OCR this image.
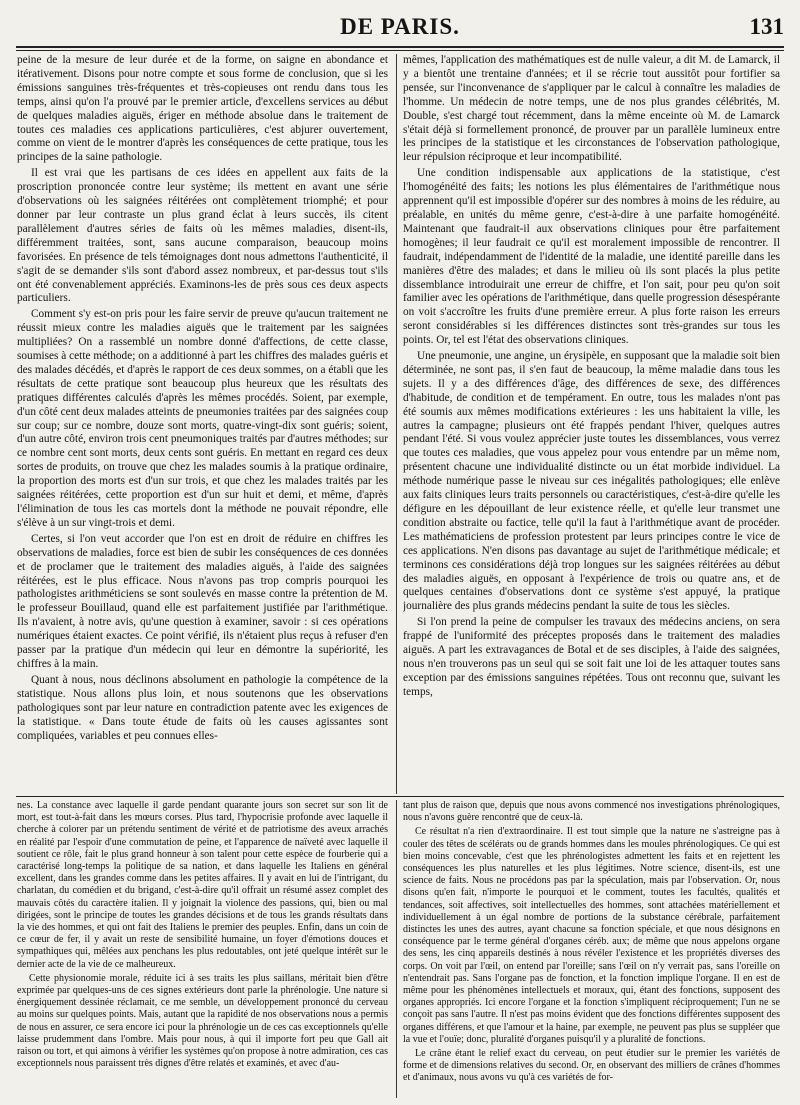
DE PARIS.	131

peine de la mesure de leur durée et de la forme, on saigne en abondance et itérativement. Disons pour notre compte et sous forme de conclusion, que si les émissions sanguines très-fréquentes et très-copieuses ont rendu dans tous les temps, ainsi qu'on l'a prouvé par le premier article, d'excellens services au début de quelques maladies aiguës, ériger en méthode absolue dans le traitement de toutes ces maladies ces applications particulières, c'est abjurer ouvertement, comme on vient de le montrer d'après les conséquences de cette pratique, tous les principes de la saine pathologie.

Il est vrai que les partisans de ces idées en appellent aux faits de la proscription prononcée contre leur système; ils mettent en avant une série d'observations où les saignées réitérées ont complètement triomphé; et pour donner par leur contraste un plus grand éclat à leurs succès, ils citent parallèlement d'autres séries de faits où les mêmes maladies, disent-ils, différemment traitées, sont, sans aucune comparaison, beaucoup moins favorisées. En présence de tels témoignages dont nous admettons l'authenticité, il s'agit de se demander s'ils sont d'abord assez nombreux, et par-dessus tout s'ils ont été convenablement appréciés. Examinons-les de près sous ces deux aspects particuliers.

Comment s'y est-on pris pour les faire servir de preuve qu'aucun traitement ne réussit mieux contre les maladies aiguës que le traitement par les saignées multipliées? On a rassemblé un nombre donné d'affections, de cette classe, soumises à cette méthode; on a additionné à part les chiffres des malades guéris et des malades décédés, et d'après le rapport de ces deux sommes, on a établi que les résultats de cette pratique sont beaucoup plus heureux que les résultats des pratiques différentes calculés d'après les mêmes procédés. Soient, par exemple, d'un côté cent deux malades atteints de pneumonies traitées par des saignées coup sur coup; sur ce nombre, douze sont morts, quatre-vingt-dix sont guéris; soient, d'un autre côté, environ trois cent pneumoniques traités par d'autres méthodes; sur ce nombre cent sont morts, deux cents sont guéris. En mettant en regard ces deux sortes de produits, on trouve que chez les malades soumis à la pratique ordinaire, la proportion des morts est d'un sur trois, et que chez les malades traités par les saignées réitérées, cette proportion est d'un sur huit et demi, et même, d'après l'élimination de tous les cas mortels dont la méthode ne pouvait répondre, elle s'élève à un sur vingt-trois et demi.

Certes, si l'on veut accorder que l'on est en droit de réduire en chiffres les observations de maladies, force est bien de subir les conséquences de ces données et de proclamer que le traitement des maladies aiguës, à l'aide des saignées réitérées, est le plus efficace. Nous n'avons pas trop compris pourquoi les pathologistes arithméticiens se sont soulevés en masse contre la prétention de M. le professeur Bouillaud, quand elle est parfaitement justifiée par l'arithmétique. Ils n'avaient, à notre avis, qu'une question à examiner, savoir : si ces opérations numériques étaient exactes. Ce point vérifié, ils n'étaient plus reçus à refuser d'en passer par la pratique d'un médecin qui leur en démontre la supériorité, les chiffres à la main.

Quant à nous, nous déclinons absolument en pathologie la compétence de la statistique. Nous allons plus loin, et nous soutenons que les observations pathologiques sont par leur nature en contradiction patente avec les exigences de la statistique. « Dans toute étude de faits où les causes agissantes sont compliquées, variables et peu connues elles-

mêmes, l'application des mathématiques est de nulle valeur, a dit M. de Lamarck, il y a bientôt une trentaine d'années; et il se récrie tout aussitôt pour fortifier sa pensée, sur l'inconvenance de s'appliquer par le calcul à connaître les maladies de l'homme. Un médecin de notre temps, une de nos plus grandes célébrités, M. Double, s'est chargé tout récemment, dans la même enceinte où M. de Lamarck s'était déjà si formellement prononcé, de prouver par un parallèle lumineux entre les principes de la statistique et les circonstances de l'observation pathologique, leur répulsion réciproque et leur incompatibilité.

Une condition indispensable aux applications de la statistique, c'est l'homogénéité des faits; les notions les plus élémentaires de l'arithmétique nous apprennent qu'il est impossible d'opérer sur des nombres à moins de les réduire, au préalable, en unités du même genre, c'est-à-dire à une parfaite homogénéité. Maintenant que faudrait-il aux observations cliniques pour être parfaitement homogènes; il leur faudrait ce qu'il est moralement impossible de rencontrer. Il faudrait, indépendamment de l'identité de la maladie, une identité pareille dans les manières d'être des malades; et dans le milieu où ils sont placés la plus petite dissemblance introduirait une erreur de chiffre, et l'on sait, pour peu qu'on soit familier avec les opérations de l'arithmétique, dans quelle progression désespérante on voit s'accroître les fruits d'une première erreur. A plus forte raison les erreurs seront considérables si les différences distinctes sont très-grandes sur tous les points. Or, tel est l'état des observations cliniques.

Une pneumonie, une angine, un érysipèle, en supposant que la maladie soit bien déterminée, ne sont pas, il s'en faut de beaucoup, la même maladie dans tous les sujets. Il y a des différences d'âge, des différences de sexe, des différences d'habitude, de condition et de tempérament. En outre, tous les malades n'ont pas été soumis aux mêmes modifications extérieures : les uns habitaient la ville, les autres la campagne; plusieurs ont été frappés pendant l'hiver, quelques autres pendant l'été. Si vous voulez apprécier juste toutes les dissemblances, vous verrez que toutes ces maladies, que vous appelez pour vous entendre par un même nom, présentent chacune une individualité distincte ou un état morbide individuel. La méthode numérique passe le niveau sur ces inégalités pathologiques; elle enlève aux faits cliniques leurs traits personnels ou caractéristiques, c'est-à-dire qu'elle les défigure en les dépouillant de leur existence réelle, et qu'elle leur transmet une condition abstraite ou factice, telle qu'il la faut à l'arithmétique avant de procéder. Les mathématiciens de profession protestent par leurs principes contre le vice de ces applications. N'en disons pas davantage au sujet de l'arithmétique médicale; et terminons ces considérations déjà trop longues sur les saignées réitérées au début des maladies aiguës, en opposant à l'expérience de trois ou quatre ans, et de quelques centaines d'observations dont ce système s'est appuyé, la pratique journalière des plus grands médecins pendant la suite de tous les siècles.

Si l'on prend la peine de compulser les travaux des médecins anciens, on sera frappé de l'uniformité des préceptes proposés dans le traitement des maladies aiguës. A part les extravagances de Botal et de ses disciples, à l'aide des saignées, nous n'en trouverons pas un seul qui se soit fait une loi de les attaquer toutes sans exception par des émissions sanguines répétées. Tous ont reconnu que, suivant les temps,

nes. La constance avec laquelle il garde pendant quarante jours son secret sur son lit de mort, est tout-à-fait dans les mœurs corses. Plus tard, l'hypocrisie profonde avec laquelle il cherche à colorer par un prétendu sentiment de vérité et de patriotisme des aveux arrachés en réalité par l'espoir d'une commutation de peine, et l'apparence de naïveté avec laquelle il soutient ce rôle, fait le plus grand honneur à son talent pour cette espèce de fourberie qui a caractérisé long-temps la politique de sa nation, et dans laquelle les Italiens en général excellent, dans les grandes comme dans les petites affaires. Il y avait en lui de l'intrigant, du charlatan, du comédien et du brigand, c'est-à-dire qu'il offrait un résumé assez complet des mauvais côtés du caractère italien. Il y joignait la violence des passions, qui, bien ou mal dirigées, sont le principe de toutes les grandes décisions et de tous les grands résultats dans la vie des hommes, et qui ont fait des Italiens le premier des peuples. Enfin, dans un coin de ce cœur de fer, il y avait un reste de sensibilité humaine, un foyer d'émotions douces et sympathiques qui, mêlées aux penchans les plus redoutables, ont jeté quelque intérêt sur le dernier acte de la vie de ce malheureux.

Cette physionomie morale, réduite ici à ses traits les plus saillans, méritait bien d'être exprimée par quelques-uns de ces signes extérieurs dont parle la phrénologie. Une nature si énergiquement dessinée réclamait, ce me semble, un développement prononcé du cerveau au moins sur quelques points. Mais, autant que la rapidité de nos observations nous a permis de nous en assurer, ce sera encore ici pour la phrénologie un de ces cas exceptionnels qu'elle laisse prudemment dans l'ombre. Mais pour nous, à qui il importe fort peu que Gall ait raison ou tort, et qui aimons à vérifier les systèmes qu'on propose à notre admiration, ces cas exceptionnels nous paraissent très dignes d'être relatés et examinés, et avec d'au-

tant plus de raison que, depuis que nous avons commencé nos investigations phrénologiques, nous n'avons guère rencontré que de ceux-là.

Ce résultat n'a rien d'extraordinaire. Il est tout simple que la nature ne s'astreigne pas à couler des têtes de scélérats ou de grands hommes dans les moules phrénologiques. Ce qui est bien moins concevable, c'est que les phrénologistes admettent les faits et en rejettent les conséquences les plus naturelles et les plus légitimes. Notre science, disent-ils, est une science de faits. Nous ne procédons pas par la spéculation, mais par l'observation. Or, nous disons qu'en fait, n'importe le pourquoi et le comment, toutes les facultés, qualités et tendances, soit affectives, soit intellectuelles des hommes, sont attachées matériellement et individuellement à un égal nombre de portions de la substance cérébrale, parfaitement distinctes les unes des autres, ayant chacune sa fonction spéciale, et que nous désignons en conséquence par le terme général d'organes céréb. aux; de même que nous appelons organe des sens, les cinq appareils destinés à nous révéler l'existence et les propriétés diverses des corps. On voit par l'œil, on entend par l'oreille; sans l'œil on n'y verrait pas, sans l'oreille on n'entendrait pas. Sans l'organe pas de fonction, et la fonction implique l'organe. Il en est de même pour les phénomènes intellectuels et moraux, qui, étant des fonctions, supposent des organes appropriés. Ici encore l'organe et la fonction s'impliquent réciproquement; l'un ne se conçoit pas sans l'autre. Il n'est pas moins évident que des fonctions différentes supposent des organes différens, et que l'amour et la haine, par exemple, ne peuvent pas plus se suppléer que la vue et l'ouïe; donc, pluralité d'organes puisqu'il y a pluralité de fonctions.

Le crâne étant le relief exact du cerveau, on peut étudier sur le premier les variétés de forme et de dimensions relatives du second. Or, en observant des milliers de crânes d'hommes et d'animaux, nous avons vu qu'à ces variétés de for-
